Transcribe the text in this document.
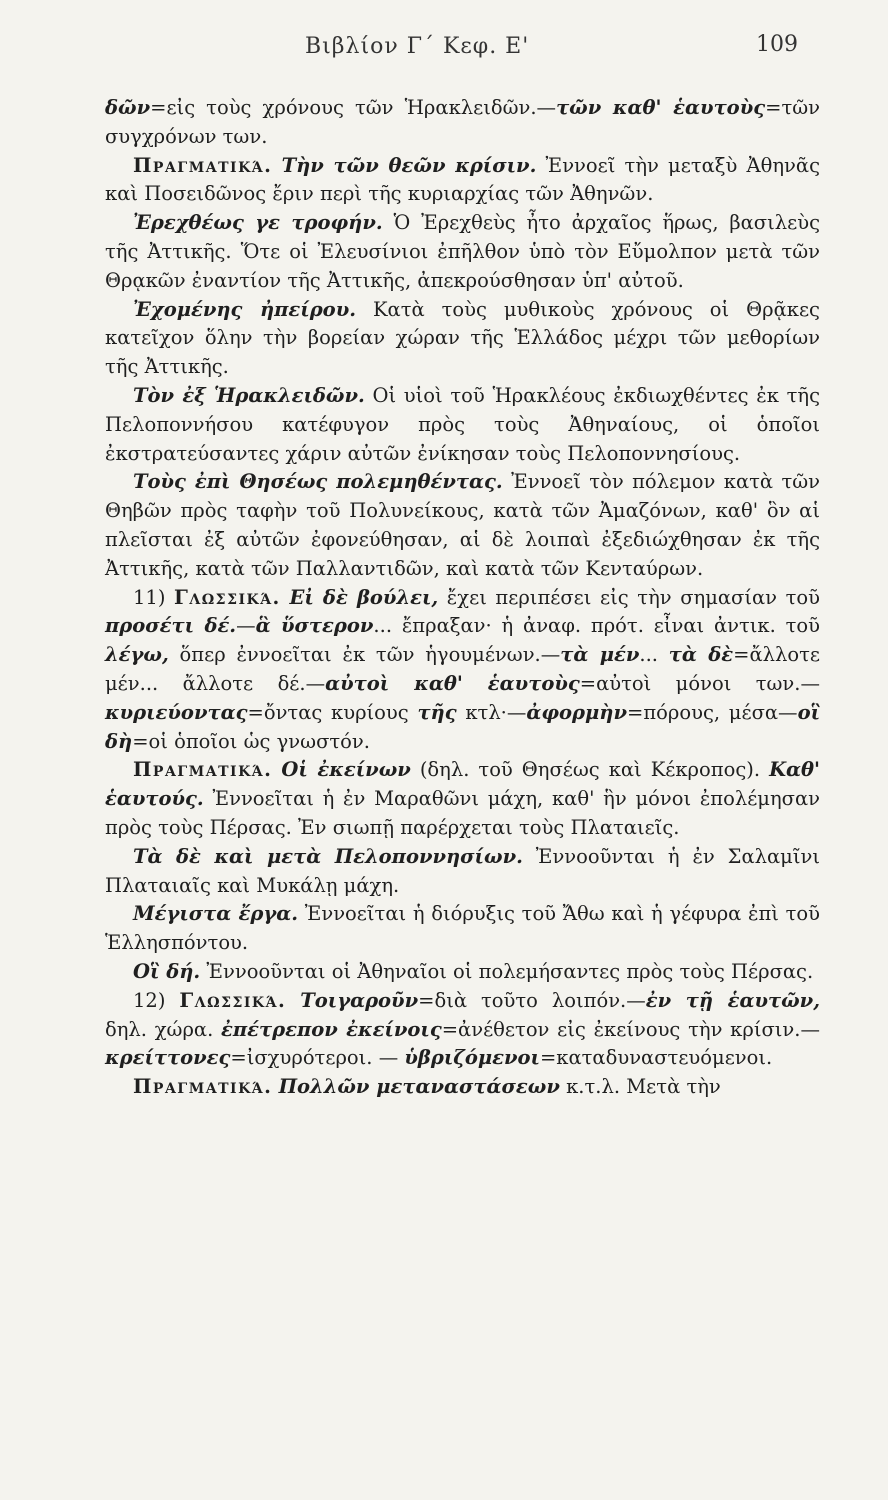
Βιβλίον Γ´ Κεφ. Ε'	109

δῶν=εἰς τοὺς χρόνους τῶν Ἡρακλειδῶν.—τῶν καθ' ἑαυτοὺς=τῶν συγχρόνων των.

Πραγματικά. Τὴν τῶν θεῶν κρίσιν. Ἐννοεῖ τὴν μεταξὺ Ἀθηνᾶς καὶ Ποσειδῶνος ἔριν περὶ τῆς κυριαρχίας τῶν Ἀθηνῶν.

Ἐρεχθέως γε τροφήν. Ὁ Ἐρεχθεὺς ἦτο ἀρχαῖος ἥρως, βασιλεὺς τῆς Ἀττικῆς. Ὅτε οἱ Ἐλευσίνιοι ἐπῆλθον ὑπὸ τὸν Εὔμολπον μετὰ τῶν Θρᾳκῶν ἐναντίον τῆς Ἀττικῆς, ἀπεκρούσθησαν ὑπ' αὐτοῦ.

Ἐχομένης ἠπείρου. Κατὰ τοὺς μυθικοὺς χρόνους οἱ Θρᾷκες κατεῖχον ὅλην τὴν βορείαν χώραν τῆς Ἑλλάδος μέχρι τῶν μεθορίων τῆς Ἀττικῆς.

Τὸν ἐξ Ἡρακλειδῶν. Οἱ υἱοὶ τοῦ Ἡρακλέους ἐκδιωχθέντες ἐκ τῆς Πελοποννήσου κατέφυγον πρὸς τοὺς Ἀθηναίους, οἱ ὁποῖοι ἐκστρατεύσαντες χάριν αὐτῶν ἐνίκησαν τοὺς Πελοποννησίους.

Τοὺς ἐπὶ Θησέως πολεμηθέντας. Ἐννοεῖ τὸν πόλεμον κατὰ τῶν Θηβῶν πρὸς ταφὴν τοῦ Πολυνείκους, κατὰ τῶν Ἀμαζόνων, καθ' ὃν αἱ πλεῖσται ἐξ αὐτῶν ἐφονεύθησαν, αἱ δὲ λοιπαὶ ἐξεδιώχθησαν ἐκ τῆς Ἀττικῆς, κατὰ τῶν Παλλαντιδῶν, καὶ κατὰ τῶν Κενταύρων.

11) Γλωσσικά. Εἰ δὲ βούλει, ἔχει περιπέσει εἰς τὴν σημασίαν τοῦ προσέτι δέ.—ἃ ὕστερον... ἔπραξαν· ἡ ἀναφ. πρότ. εἶναι ἀντικ. τοῦ λέγω, ὅπερ ἐννοεῖται ἐκ τῶν ἡγουμένων.—τὰ μέν... τὰ δὲ=ἄλλοτε μέν... ἄλλοτε δέ.—αὐτοὶ καθ' ἑαυτοὺς=αὐτοὶ μόνοι των.—κυριεύοντας=ὄντας κυρίους τῆς κτλ·—ἀφορμὴν=πόρους, μέσα—οἳ δὴ=οἱ ὁποῖοι ὡς γνωστόν.

Πραγματικά. Οἱ ἐκείνων (δηλ. τοῦ Θησέως καὶ Κέκροπος). Καθ' ἑαυτούς. Ἐννοεῖται ἡ ἐν Μαραθῶνι μάχη, καθ' ἣν μόνοι ἐπολέμησαν πρὸς τοὺς Πέρσας. Ἐν σιωπῇ παρέρχεται τοὺς Πλαταιεῖς.

Τὰ δὲ καὶ μετὰ Πελοποννησίων. Ἐννοοῦνται ἡ ἐν Σαλαμῖνι Πλαταιαῖς καὶ Μυκάλῃ μάχη.

Μέγιστα ἔργα. Ἐννοεῖται ἡ διόρυξις τοῦ Ἄθω καὶ ἡ γέφυρα ἐπὶ τοῦ Ἑλλησπόντου.

Οἳ δή. Ἐννοοῦνται οἱ Ἀθηναῖοι οἱ πολεμήσαντες πρὸς τοὺς Πέρσας.

12) Γλωσσικά. Τοιγαροῦν=διὰ τοῦτο λοιπόν.—ἐν τῇ ἑαυτῶν, δηλ. χώρα. ἐπέτρεπον ἐκείνοις=ἀνέθετον εἰς ἐκείνους τὴν κρίσιν.—κρείττονες=ἰσχυρότεροι. — ὑβριζόμενοι=καταδυναστευόμενοι.

Πραγματικά. Πολλῶν μεταναστάσεων κ.τ.λ. Μετὰ τὴν
